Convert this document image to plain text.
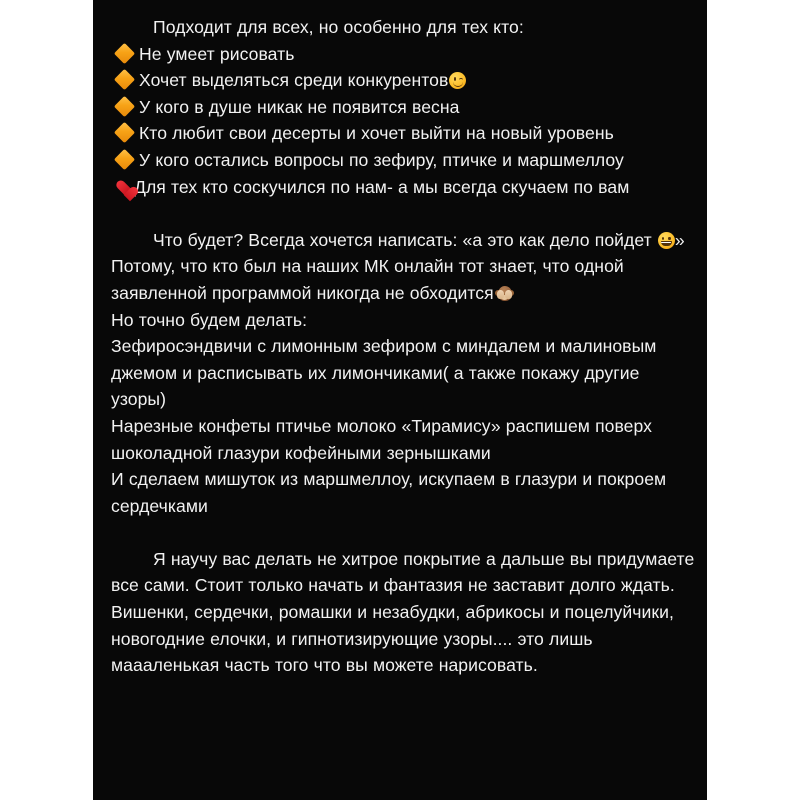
Подходит для всех, но особенно для тех кто:

Не умеет рисовать

Хочет выделяться среди конкурентов

У кого в душе никак не появится весна

Кто любит свои десерты и хочет выйти на новый уровень

У кого остались вопросы по зефиру, птичке и маршмеллоу

Для тех кто соскучился по нам- а мы всегда скучаем по вам

Что будет? Всегда хочется написать: «а это как дело пойдет
» Потому, что кто был на наших МК онлайн тот знает, что одной заявленной программой никогда не обходится

Но точно будем делать:

Зефиросэндвичи с лимонным зефиром с миндалем и малиновым джемом и расписывать их лимончиками( а также покажу другие узоры)

Нарезные конфеты птичье молоко «Тирамису» распишем поверх шоколадной глазури кофейными зернышками

И сделаем мишуток из маршмеллоу, искупаем в глазури и покроем сердечками

Я научу вас делать не хитрое покрытие а дальше вы придумаете все сами. Стоит только начать и фантазия не заставит долго ждать. Вишенки, сердечки, ромашки и незабудки, абрикосы и поцелуйчики, новогодние елочки, и гипнотизирующие узоры.... это лишь маааленькая часть того что вы можете нарисовать.
